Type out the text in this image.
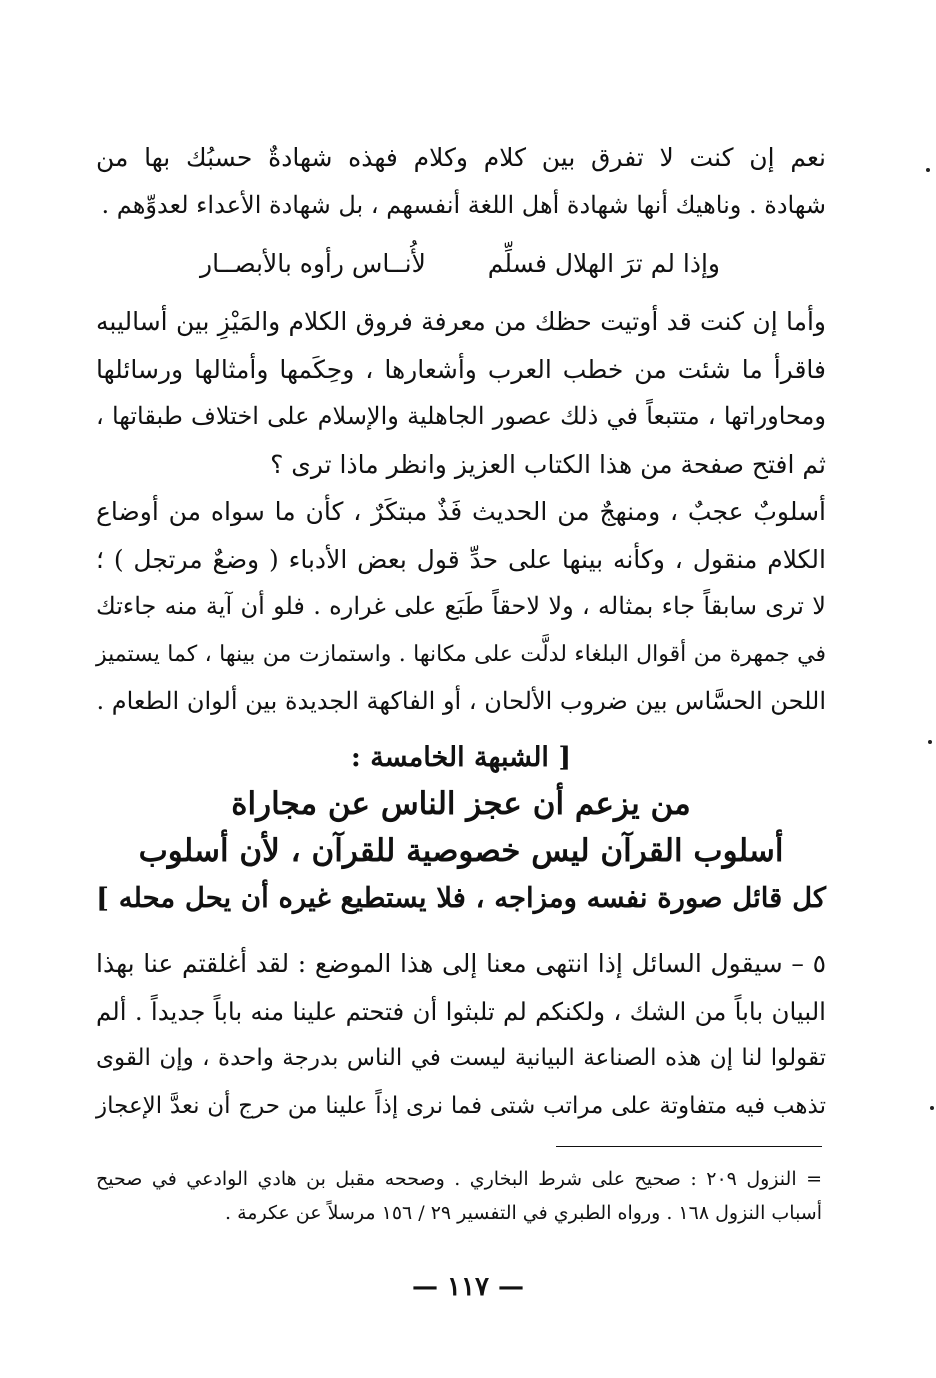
نعم إن كنت لا تفرق بين كلام وكلام فهذه شهادةٌ حسبُك بها من
شهادة . وناهيك أنها شهادة أهل اللغة أنفسهم ، بل شهادة الأعداء لعدوِّهم .
وإذا لم ترَ الهلال فسلِّم
لأُنــاس رأوه بالأبصــار
وأما إن كنت قد أوتيت حظك من معرفة فروق الكلام والمَيْزِ بين أساليبه
فاقرأ ما شئت من خطب العرب وأشعارها ، وحِكَمها وأمثالها ورسائلها
ومحاوراتها ، متتبعاً في ذلك عصور الجاهلية والإسلام على اختلاف طبقاتها ،
ثم افتح صفحة من هذا الكتاب العزيز وانظر ماذا ترى ؟
أسلوبٌ عجبٌ ، ومنهجٌ من الحديث فَذٌ مبتكَرٌ ، كأن ما سواه من أوضاع
الكلام منقول ، وكأنه بينها على حدِّ قول بعض الأدباء ( وضعٌ مرتجل ) ؛
لا ترى سابقاً جاء بمثاله ، ولا لاحقاً طَبَع على غراره . فلو أن آية منه جاءتك
في جمهرة من أقوال البلغاء لدلَّت على مكانها . واستمازت من بينها ، كما يستميز
اللحن الحسَّاس بين ضروب الألحان ، أو الفاكهة الجديدة بين ألوان الطعام .
[ الشبهة الخامسة :
من يزعم أن عجز الناس عن مجاراة
أسلوب القرآن ليس خصوصية للقرآن ، لأن أسلوب
كل قائل صورة نفسه ومزاجه ، فلا يستطيع غيره أن يحل محله ]
٥ – سيقول السائل إذا انتهى معنا إلى هذا الموضع : لقد أغلقتم عنا بهذا
البيان باباً من الشك ، ولكنكم لم تلبثوا أن فتحتم علينا منه باباً جديداً . ألم
تقولوا لنا إن هذه الصناعة البيانية ليست في الناس بدرجة واحدة ، وإن القوى
تذهب فيه متفاوتة على مراتب شتى فما نرى إذاً علينا من حرج أن نعدَّ الإعجاز
= النزول ٢٠٩ : صحيح على شرط البخاري . وصححه مقبل بن هادي الوادعي في صحيح
أسباب النزول ١٦٨ . ورواه الطبري في التفسير ٢٩ / ١٥٦ مرسلاً عن عكرمة .
— ١١٧ —
